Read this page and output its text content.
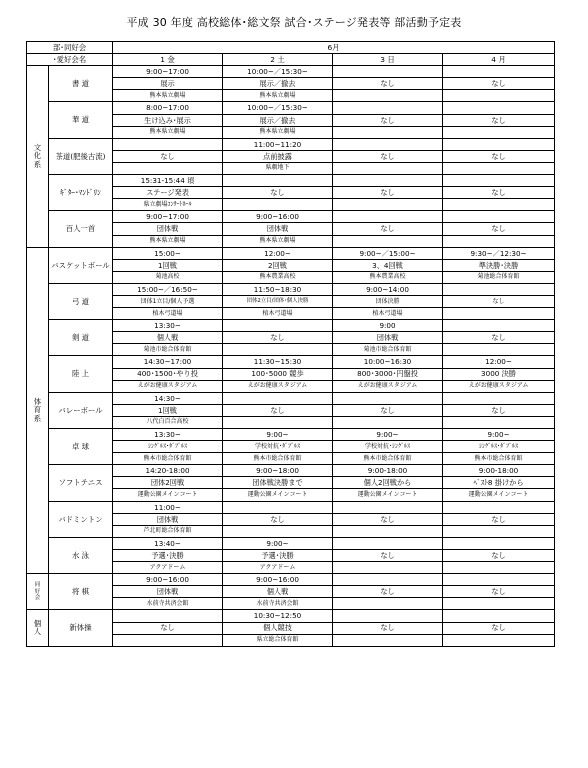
平成 30 年度 高校総体･総文祭 試合･ステージ発表等 部活動予定表
部･同好会		6月			
･愛好会名		1 金	2 土	3 日	4 月

文
化
系	書 道	9:00~17:00	10:00~／15:30~		
		展示	展示／撤去	なし	なし
		熊本県立劇場	熊本県立劇場		
	華 道	8:00~17:00	10:00~／15:30~		
		生け込み･展示	展示／撤去	なし	なし
		熊本県立劇場	熊本県立劇場		
	茶道(肥後古流)		11:00~11:20		
		なし	点前披露	なし	なし
			県劇地下		
	ｷﾞﾀｰ･ﾏﾝﾄﾞﾘﾝ	15:31-15:44 頃			
		ステージ発表	なし	なし	なし
		県立劇場ｺﾝｻｰﾄﾎｰﾙ			
	百人一首	9:00~17:00	9:00~16:00		
		団体戦	団体戦	なし	なし
		熊本県立劇場	熊本県立劇場		

体
育
系	バスケットボール	15:00~	12:00~	9:00~／15:00~	9:30~／12:30~
		1回戦	2回戦	3、4回戦	準決勝･決勝
		菊池高校	熊本農業高校	熊本農業高校	菊池総合体育館
	弓 道	15:00~／16:50~	11:50~18:30	9:00~14:00	
		団体1立目/個人予選	団体2立目/団体･個人決勝	団体決勝	なし
		植木弓道場	植木弓道場	植木弓道場	
	剣 道	13:30~		9:00	
		個人戦	なし	団体戦	なし
		菊池市総合体育館		菊池市総合体育館	
	陸 上	14:30~17:00	11:30~15:30	10:00~16:30	12:00~
		400･1500･やり投	100･5000 競歩	800･3000･円盤投	3000 決勝
		えがお健康スタジアム	えがお健康スタジアム	えがお健康スタジアム	えがお健康スタジアム
	バレーボール	14:30~			
		1回戦	なし	なし	なし
		八代白百合高校			
	卓 球	13:30~	9:00~	9:00~	9:00~
		ｼﾝｸﾞﾙｽ･ﾀﾞﾌﾞﾙｽ	学校対抗･ﾀﾞﾌﾞﾙｽ	学校対抗･ｼﾝｸﾞﾙｽ	ｼﾝｸﾞﾙｽ･ﾀﾞﾌﾞﾙｽ
		熊本市総合体育館	熊本市総合体育館	熊本市総合体育館	熊本市総合体育館
	ソフトテニス	14:20-18:00	9:00~18:00	9:00-18:00	9:00-18:00
		団体2回戦	団体戦決勝まで	個人2回戦から	ﾍﾞｽﾄ8 掛けから
		運動公園メインコート	運動公園メインコート	運動公園メインコート	運動公園メインコート
	バドミントン	11:00~			
		団体戦	なし	なし	なし
		芦北町総合体育館			
	水 泳	13:40~	9:00~		
		予選･決勝	予選･決勝	なし	なし
		アクアドーム	アクアドーム		

同
好
会	将 棋	9:00~16:00	9:00~16:00		
		団体戦	個人戦	なし	なし
		水前寺共済会館	水前寺共済会館		

個
人	新体操		10:30~12:50		
		なし	個人競技	なし	なし
			県立総合体育館		
